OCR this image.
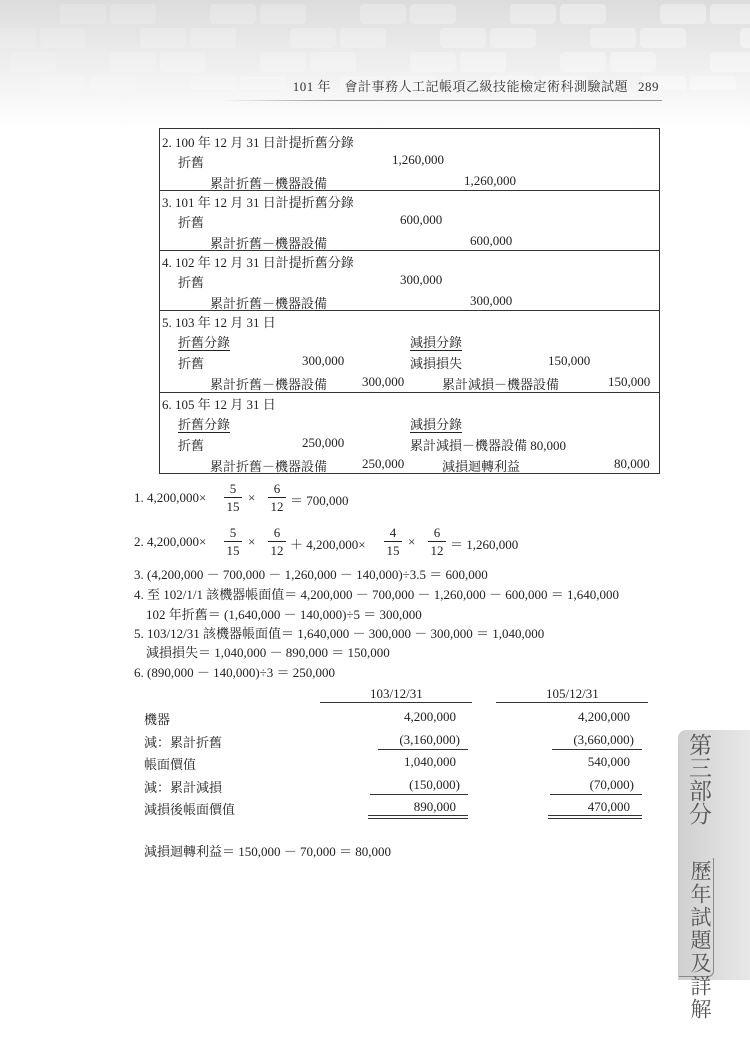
101 年　會計事務人工記帳項乙級技能檢定術科測驗試題 289
2. 100 年 12 月 31 日計提折舊分錄
折舊	1,260,000
累計折舊－機器設備	1,260,000
3. 101 年 12 月 31 日計提折舊分錄
折舊	600,000
累計折舊－機器設備	600,000
4. 102 年 12 月 31 日計提折舊分錄
折舊	300,000
累計折舊－機器設備	300,000
5. 103 年 12 月 31 日
折舊分錄	減損分錄
折舊	300,000	減損損失	150,000
累計折舊－機器設備	300,000	累計減損－機器設備	150,000
6. 105 年 12 月 31 日
折舊分錄	減損分錄
折舊	250,000	累計減損－機器設備 80,000
累計折舊－機器設備	250,000	減損迴轉利益	80,000
1. 4,200,000×
5
15
×
6
12 ＝ 700,000
2. 4,200,000×
5
15
×
6
12 ＋ 4,200,000×
4
15
×
6
12 ＝ 1,260,000
3. (4,200,000 － 700,000 － 1,260,000 － 140,000)÷3.5 ＝ 600,000
4. 至 102/1/1 該機器帳面值＝ 4,200,000 － 700,000 － 1,260,000 － 600,000 ＝ 1,640,000
102 年折舊＝ (1,640,000 － 140,000)÷5 ＝ 300,000
5. 103/12/31 該機器帳面值＝ 1,640,000 － 300,000 － 300,000 ＝ 1,040,000
減損損失＝ 1,040,000 － 890,000 ＝ 150,000
6. (890,000 － 140,000)÷3 ＝ 250,000
103/12/31	105/12/31
機器	4,200,000	4,200,000
減：累計折舊	(3,160,000)	(3,660,000)
帳面價值	1,040,000	540,000
減：累計減損	(150,000)	(70,000)
減損後帳面價值	890,000	470,000
減損迴轉利益＝ 150,000 － 70,000 ＝ 80,000
第三部分
歷年試題及詳解
